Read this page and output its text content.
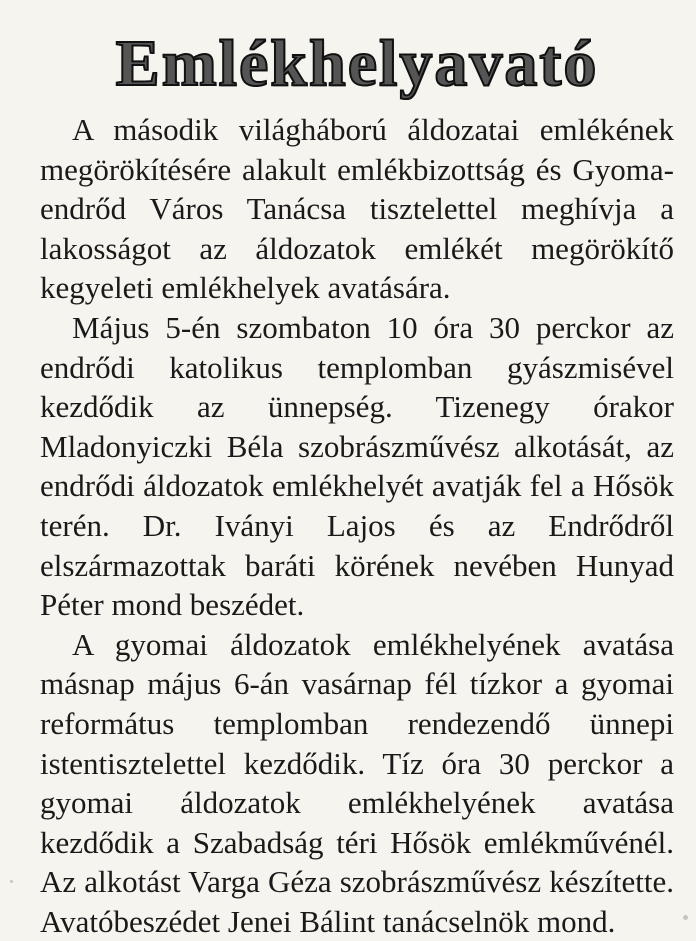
Emlékhelyavató

A második világháború áldozatai emlékének megörökítésére alakult emlékbizottság és Gyomaendrőd Város Tanácsa tisztelettel meghívja a lakosságot az áldozatok emlékét megörökítő kegyeleti emlékhelyek avatására.

Május 5-én szombaton 10 óra 30 perckor az endrődi katolikus templomban gyászmisével kezdődik az ünnepség. Tizenegy órakor Mladonyiczki Béla szobrászművész alkotását, az endrődi áldozatok emlékhelyét avatják fel a Hősök terén. Dr. Iványi Lajos és az Endrődről elszármazottak baráti körének nevében Hunyad Péter mond beszédet.

A gyomai áldozatok emlékhelyének avatása másnap május 6-án vasárnap fél tízkor a gyomai református templomban rendezendő ünnepi istentisztelettel kezdődik. Tíz óra 30 perckor a gyomai áldozatok emlékhelyének avatása kezdődik a Szabadság téri Hősök emlékművénél. Az alkotást Varga Géza szobrászművész készítette. Avatóbeszédet Jenei Bálint tanácselnök mond.
